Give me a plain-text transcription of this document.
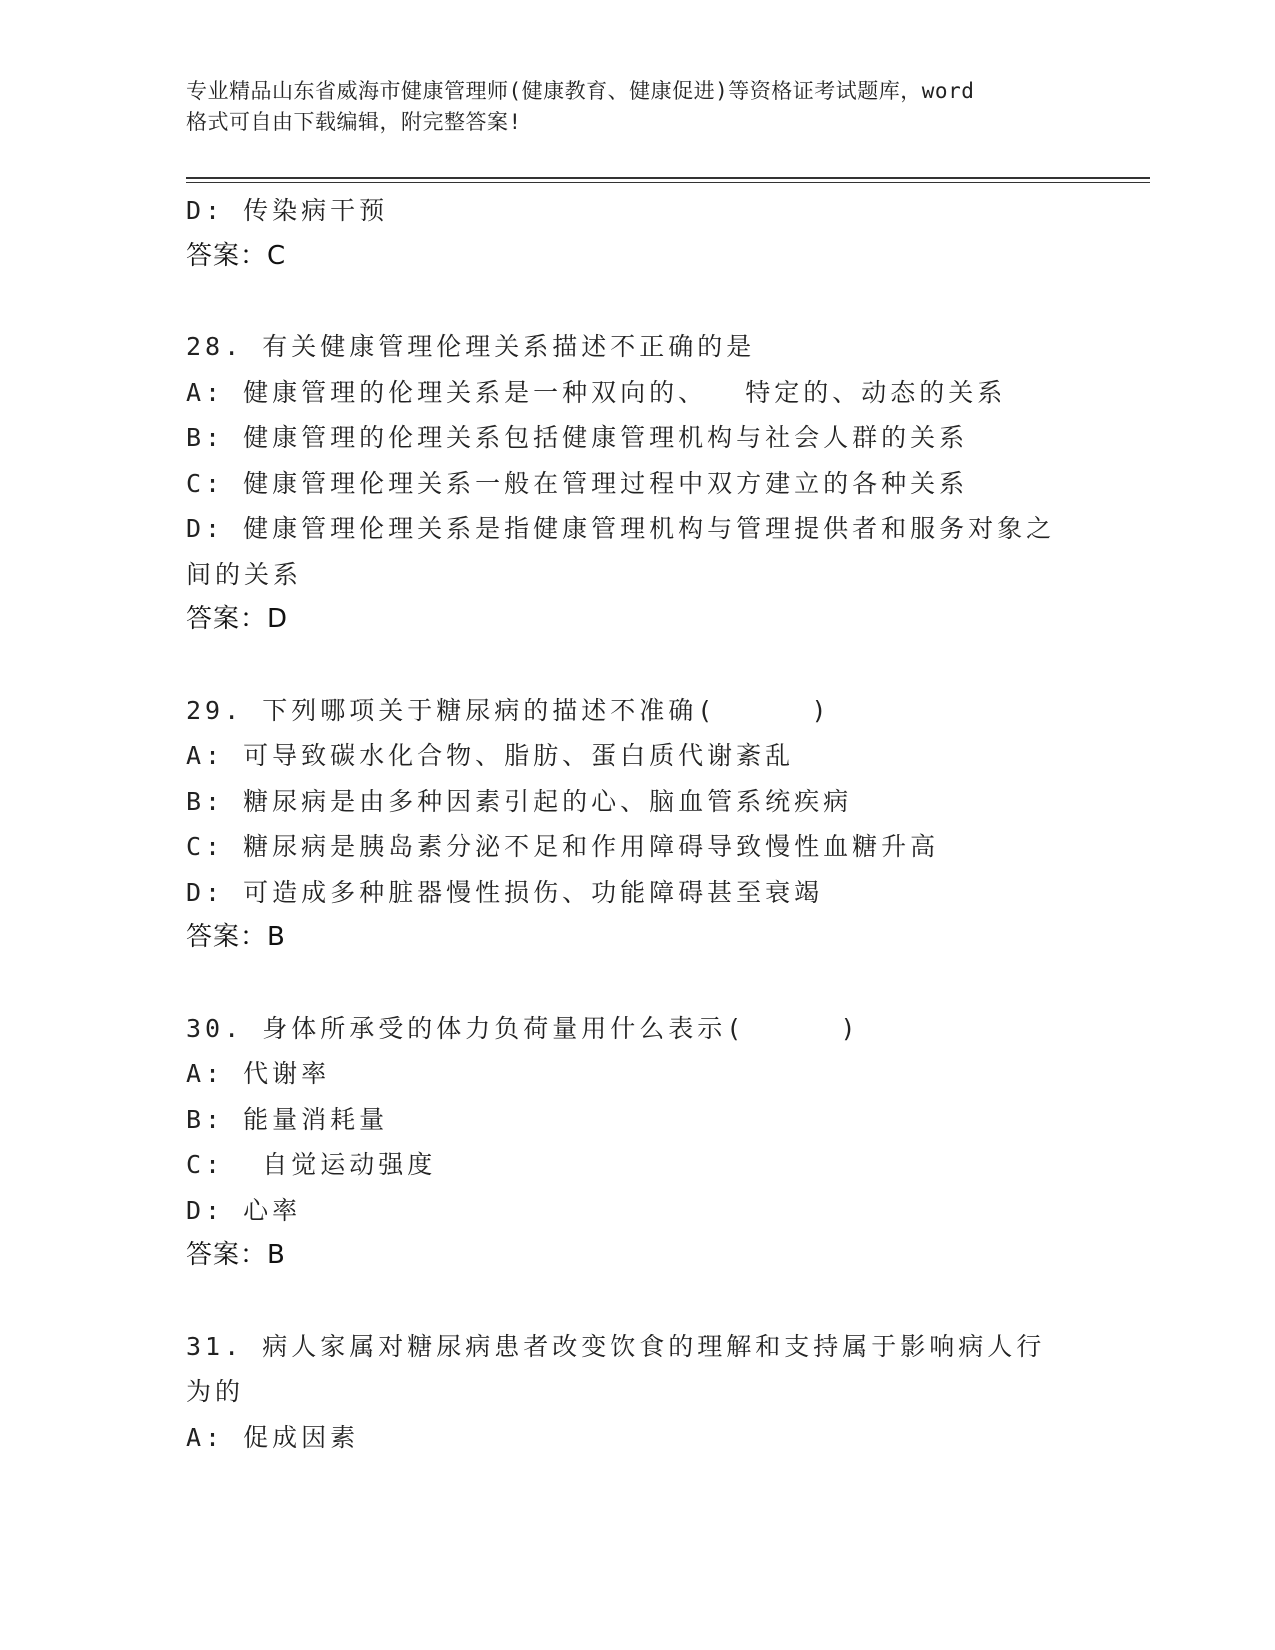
专业精品山东省威海市健康管理师(健康教育、健康促进)等资格证考试题库，word
格式可自由下载编辑，附完整答案!
D: 传染病干预
答案：C
28. 有关健康管理伦理关系描述不正确的是
A: 健康管理的伦理关系是一种双向的、  特定的、动态的关系
B: 健康管理的伦理关系包括健康管理机构与社会人群的关系
C: 健康管理伦理关系一般在管理过程中双方建立的各种关系
D: 健康管理伦理关系是指健康管理机构与管理提供者和服务对象之间的关系
答案：D
29. 下列哪项关于糖尿病的描述不准确(     )
A: 可导致碳水化合物、脂肪、蛋白质代谢紊乱
B: 糖尿病是由多种因素引起的心、脑血管系统疾病
C: 糖尿病是胰岛素分泌不足和作用障碍导致慢性血糖升高
D: 可造成多种脏器慢性损伤、功能障碍甚至衰竭
答案：B
30. 身体所承受的体力负荷量用什么表示(     )
A: 代谢率
B: 能量消耗量
C:  自觉运动强度
D: 心率
答案：B
31. 病人家属对糖尿病患者改变饮食的理解和支持属于影响病人行为的
A: 促成因素
